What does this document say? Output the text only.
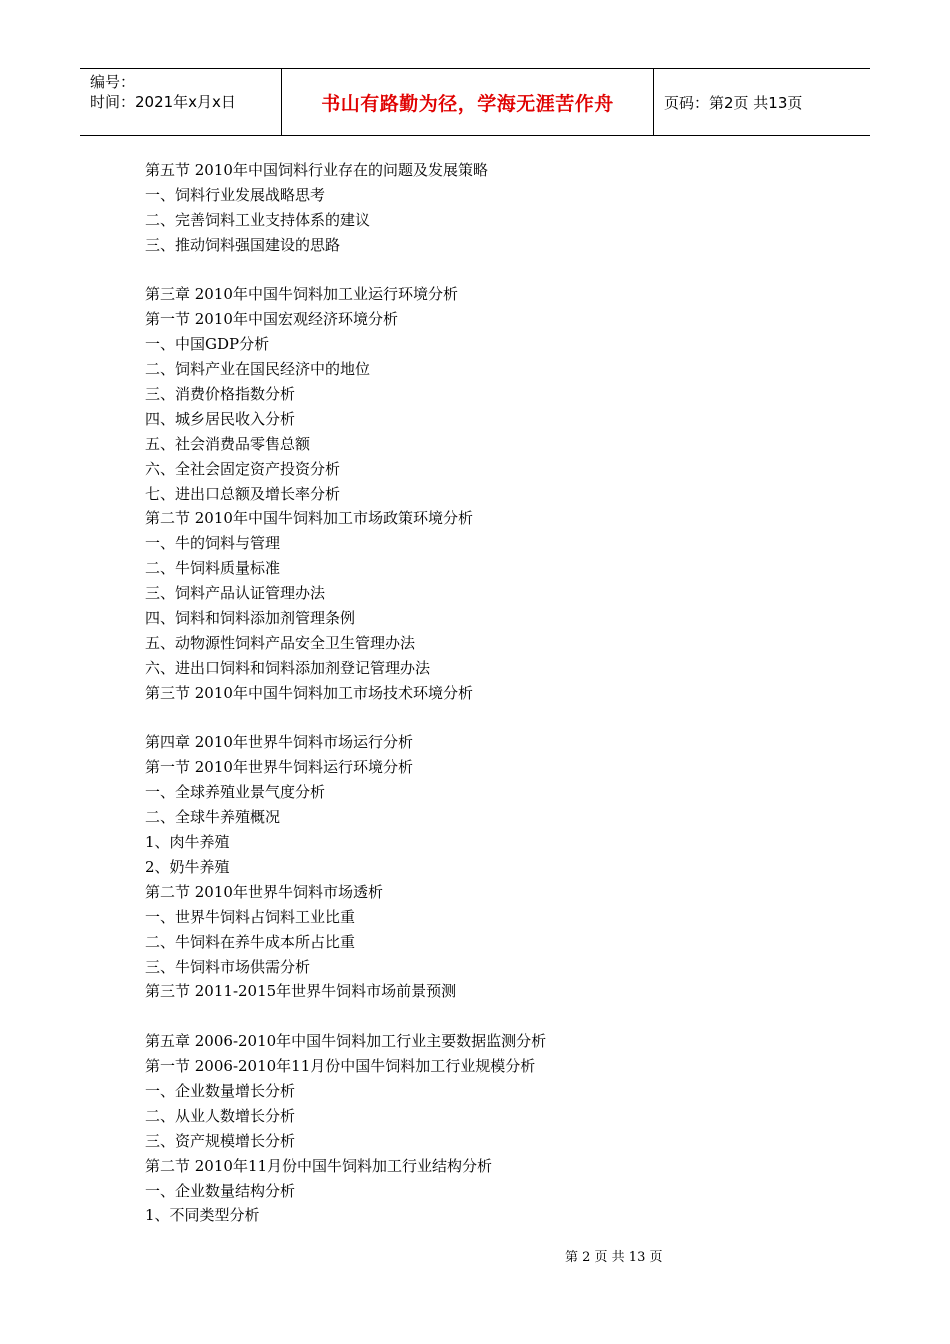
编号：
时间：2021年x月x日	书山有路勤为径，学海无涯苦作舟	页码：第2页 共13页
第五节 2010年中国饲料行业存在的问题及发展策略
一、饲料行业发展战略思考
二、完善饲料工业支持体系的建议
三、推动饲料强国建设的思路
第三章 2010年中国牛饲料加工业运行环境分析
第一节 2010年中国宏观经济环境分析
一、中国GDP分析
二、饲料产业在国民经济中的地位
三、消费价格指数分析
四、城乡居民收入分析
五、社会消费品零售总额
六、全社会固定资产投资分析
七、进出口总额及增长率分析
第二节 2010年中国牛饲料加工市场政策环境分析
一、牛的饲料与管理
二、牛饲料质量标准
三、饲料产品认证管理办法
四、饲料和饲料添加剂管理条例
五、动物源性饲料产品安全卫生管理办法
六、进出口饲料和饲料添加剂登记管理办法
第三节 2010年中国牛饲料加工市场技术环境分析
第四章 2010年世界牛饲料市场运行分析
第一节 2010年世界牛饲料运行环境分析
一、全球养殖业景气度分析
二、全球牛养殖概况
1、肉牛养殖
2、奶牛养殖
第二节 2010年世界牛饲料市场透析
一、世界牛饲料占饲料工业比重
二、牛饲料在养牛成本所占比重
三、牛饲料市场供需分析
第三节 2011-2015年世界牛饲料市场前景预测
第五章 2006-2010年中国牛饲料加工行业主要数据监测分析
第一节 2006-2010年11月份中国牛饲料加工行业规模分析
一、企业数量增长分析
二、从业人数增长分析
三、资产规模增长分析
第二节 2010年11月份中国牛饲料加工行业结构分析
一、企业数量结构分析
1、不同类型分析
第 2 页 共 13 页
